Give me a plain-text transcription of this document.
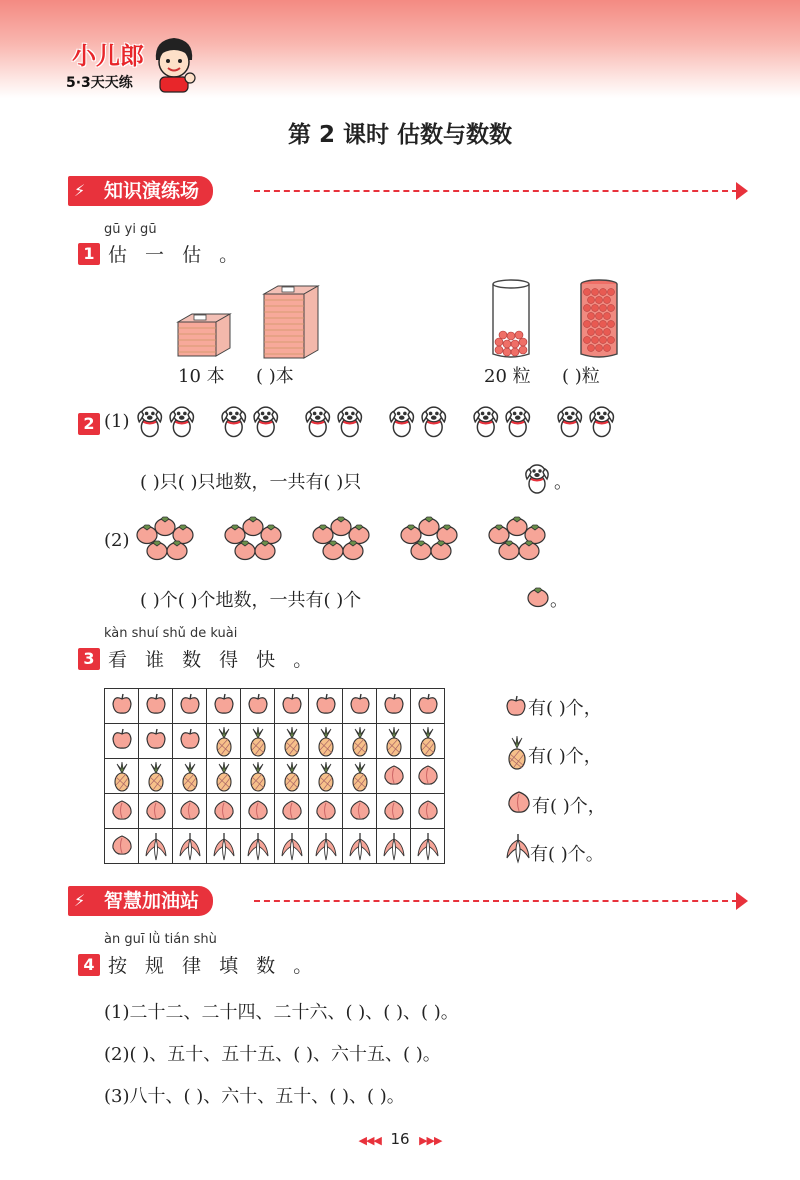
小儿郎
5·3天天练
第 2 课时 估数与数数
⚡ 知识演练场
gū yi gū
1 估 一 估 。
10 本 ( )本	20 粒 ( )粒
2 (1)
( )只( )只地数，一共有( )只	。
(2)
( )个( )个地数，一共有( )个	。
kàn shuí shǔ de kuài
3 看 谁 数 得 快 。

有( )个，
有( )个，
有( )个，
有( )个。
⚡ 智慧加油站
àn guī lǜ tián shù
4 按 规 律 填 数 。
(1)二十二、二十四、二十六、( )、( )、( )。
(2)( )、五十、五十五、( )、六十五、( )。
(3)八十、( )、六十、五十、( )、( )。
◀◀◀ 16 ▶▶▶
